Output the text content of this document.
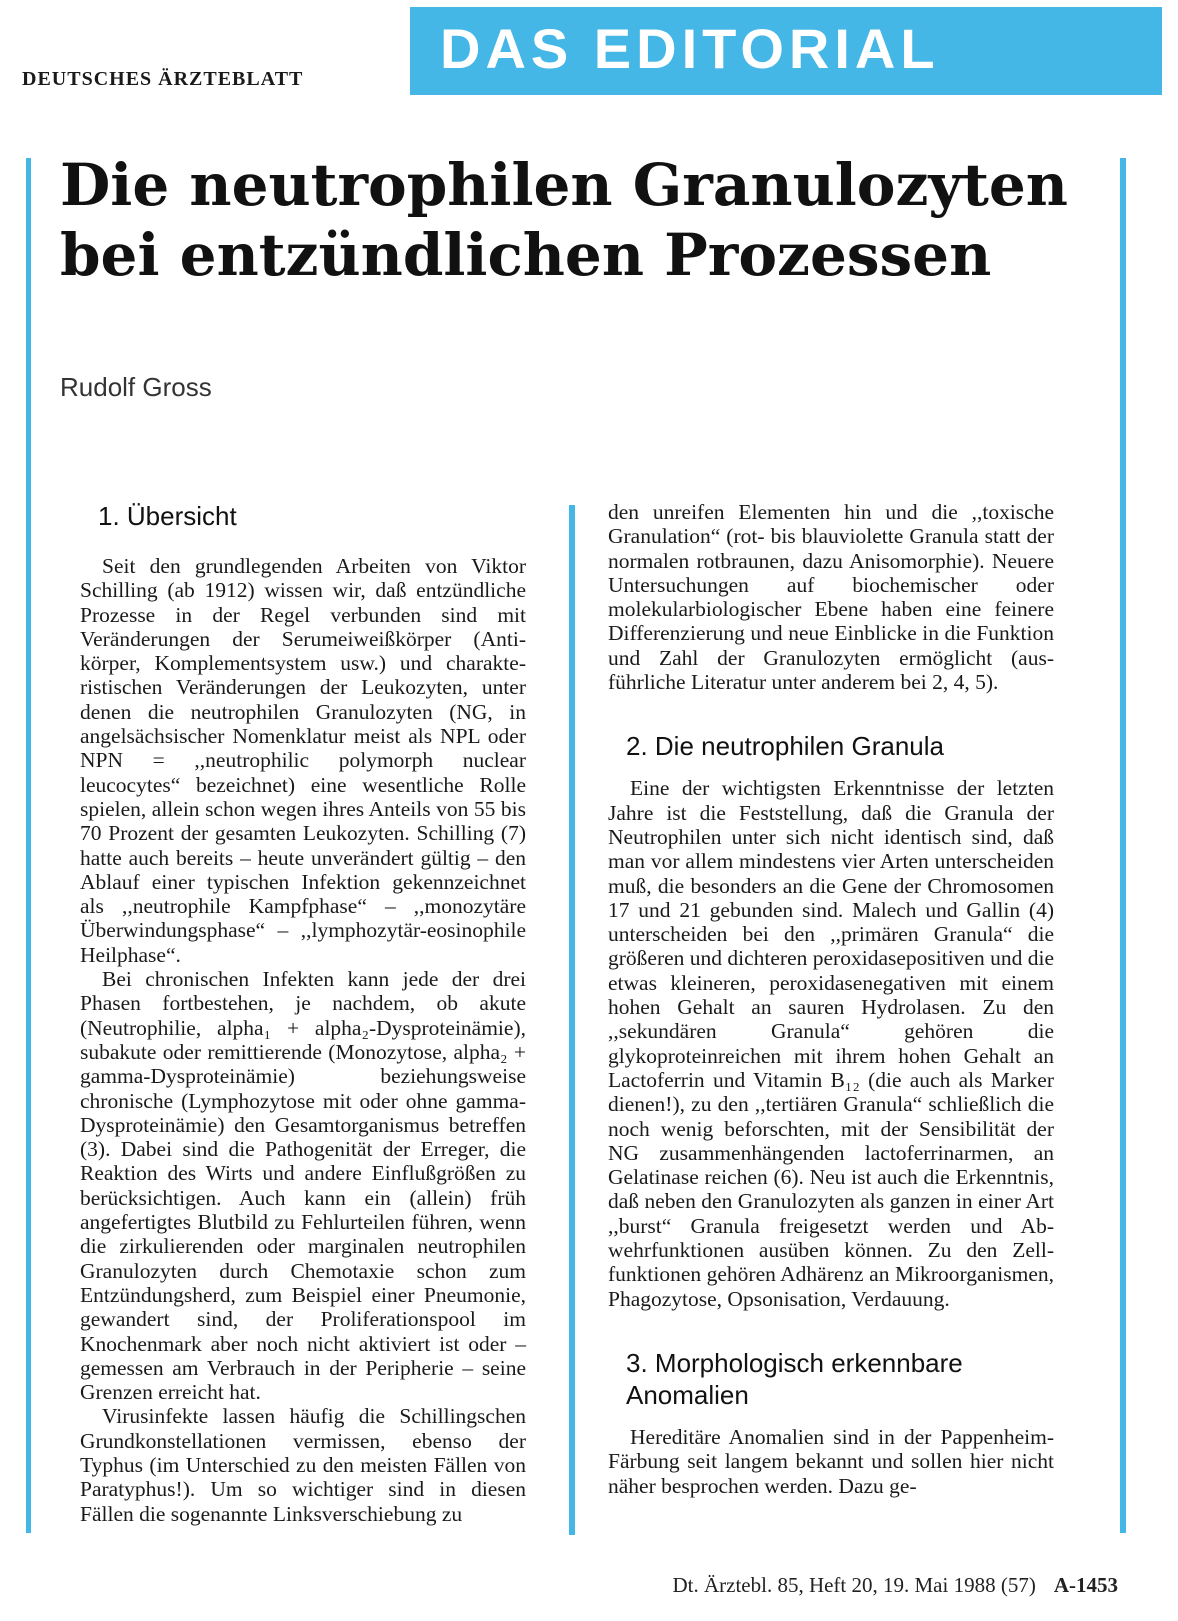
DEUTSCHES ÄRZTEBLATT DAS EDITORIAL
Die neutrophilen Granulozyten bei entzündlichen Prozessen
Rudolf Gross
1. Übersicht

Seit den grundlegenden Arbeiten von Viktor Schilling (ab 1912) wissen wir, daß entzündliche Prozesse in der Regel verbunden sind mit Veränderungen der Serumeiweißkörper (Antikörper, Komplementsystem usw.) und charakteristischen Veränderungen der Leukozyten, unter denen die neutrophilen Granulozyten (NG, in angelsächsischer Nomenklatur meist als NPL oder NPN = ,,neutrophilic polymorph nuclear leucocytes“ bezeichnet) eine wesentliche Rolle spielen, allein schon wegen ihres Anteils von 55 bis 70 Prozent der gesamten Leukozyten. Schilling (7) hatte auch bereits – heute unverändert gültig – den Ablauf einer typischen Infektion gekennzeichnet als ,,neutrophile Kampfphase“ – ,,monozytäre Überwindungsphase“ – ,,lymphozytär-eosinophile Heilphase“.

Bei chronischen Infekten kann jede der drei Phasen fortbestehen, je nachdem, ob akute (Neutrophilie, alpha₁ + alpha₂-Dysproteinämie), subakute oder remittierende (Monozytose, alpha₂ + gamma-Dysproteinämie) beziehungsweise chronische (Lymphozytose mit oder ohne gamma-Dysproteinämie) den Gesamtorganismus betreffen (3). Dabei sind die Pathogenität der Erreger, die Reaktion des Wirts und andere Einflußgrößen zu berücksichtigen. Auch kann ein (allein) früh angefertigtes Blutbild zu Fehlurteilen führen, wenn die zirkulierenden oder marginalen neutrophilen Granulozyten durch Chemotaxie schon zum Entzündungsherd, zum Beispiel einer Pneumonie, gewandert sind, der Proliferationspool im Knochenmark aber noch nicht aktiviert ist oder – gemessen am Verbrauch in der Peripherie – seine Grenzen erreicht hat.

Virusinfekte lassen häufig die Schillingschen Grundkonstellationen vermissen, ebenso der Typhus (im Unterschied zu den meisten Fällen von Paratyphus!). Um so wichtiger sind in diesen Fällen die sogenannte Linksverschiebung zu

den unreifen Elementen hin und die ,,toxische Granulation“ (rot- bis blauviolette Granula statt der normalen rotbraunen, dazu Anisomorphie). Neuere Untersuchungen auf biochemischer oder molekularbiologischer Ebene haben eine feinere Differenzierung und neue Einblicke in die Funktion und Zahl der Granulozyten ermöglicht (ausführliche Literatur unter anderem bei 2, 4, 5).

2. Die neutrophilen Granula

Eine der wichtigsten Erkenntnisse der letzten Jahre ist die Feststellung, daß die Granula der Neutrophilen unter sich nicht identisch sind, daß man vor allem mindestens vier Arten unterscheiden muß, die besonders an die Gene der Chromosomen 17 und 21 gebunden sind. Malech und Gallin (4) unterscheiden bei den ,,primären Granula“ die größeren und dichteren peroxidasepositiven und die etwas kleineren, peroxidasenegativen mit einem hohen Gehalt an sauren Hydrolasen. Zu den ,,sekundären Granula“ gehören die glykoproteinreichen mit ihrem hohen Gehalt an Lactoferrin und Vitamin B₁₂ (die auch als Marker dienen!), zu den ,,tertiären Granula“ schließlich die noch wenig beforschten, mit der Sensibilität der NG zusammenhängenden lactoferrinarmen, an Gelatinase reichen (6). Neu ist auch die Erkenntnis, daß neben den Granulozyten als ganzen in einer Art ,,burst“ Granula freigesetzt werden und Abwehrfunktionen ausüben können. Zu den Zellfunktionen gehören Adhärenz an Mikroorganismen, Phagozytose, Opsonisation, Verdauung.

3. Morphologisch erkennbare Anomalien

Hereditäre Anomalien sind in der Pappenheim-Färbung seit langem bekannt und sollen hier nicht näher besprochen werden. Dazu ge-

Dt. Ärztebl. 85, Heft 20, 19. Mai 1988 (57) A-1453
